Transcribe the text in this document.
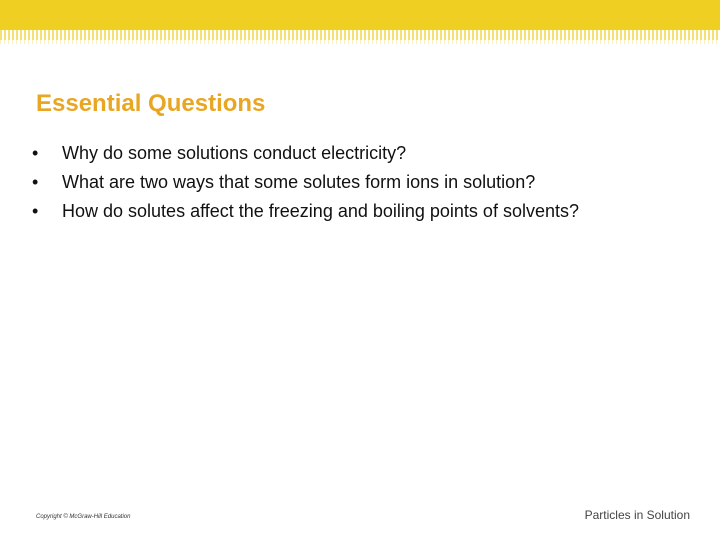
Essential Questions
•	Why do some solutions conduct electricity?
•	What are two ways that some solutes form ions in solution?
•	How do solutes affect the freezing and boiling points of solvents?
Copyright © McGraw-Hill Education	Particles in Solution
